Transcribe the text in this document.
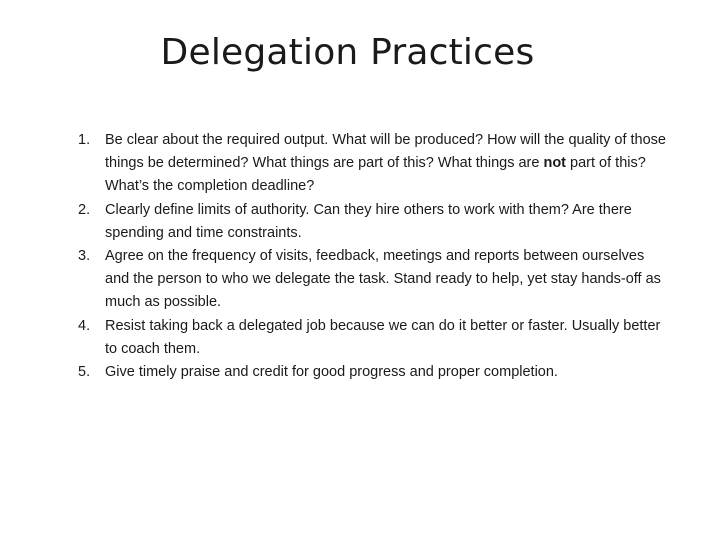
Delegation Practices
1. Be clear about the required output. What will be produced? How will the quality of those things be determined? What things are part of this? What things are not part of this? What’s the completion deadline?
2. Clearly define limits of authority. Can they hire others to work with them? Are there spending and time constraints.
3. Agree on the frequency of visits, feedback, meetings and reports between ourselves and the person to who we delegate the task. Stand ready to help, yet stay hands-off as much as possible.
4. Resist taking back a delegated job because we can do it better or faster. Usually better to coach them.
5. Give timely praise and credit for good progress and proper completion.
